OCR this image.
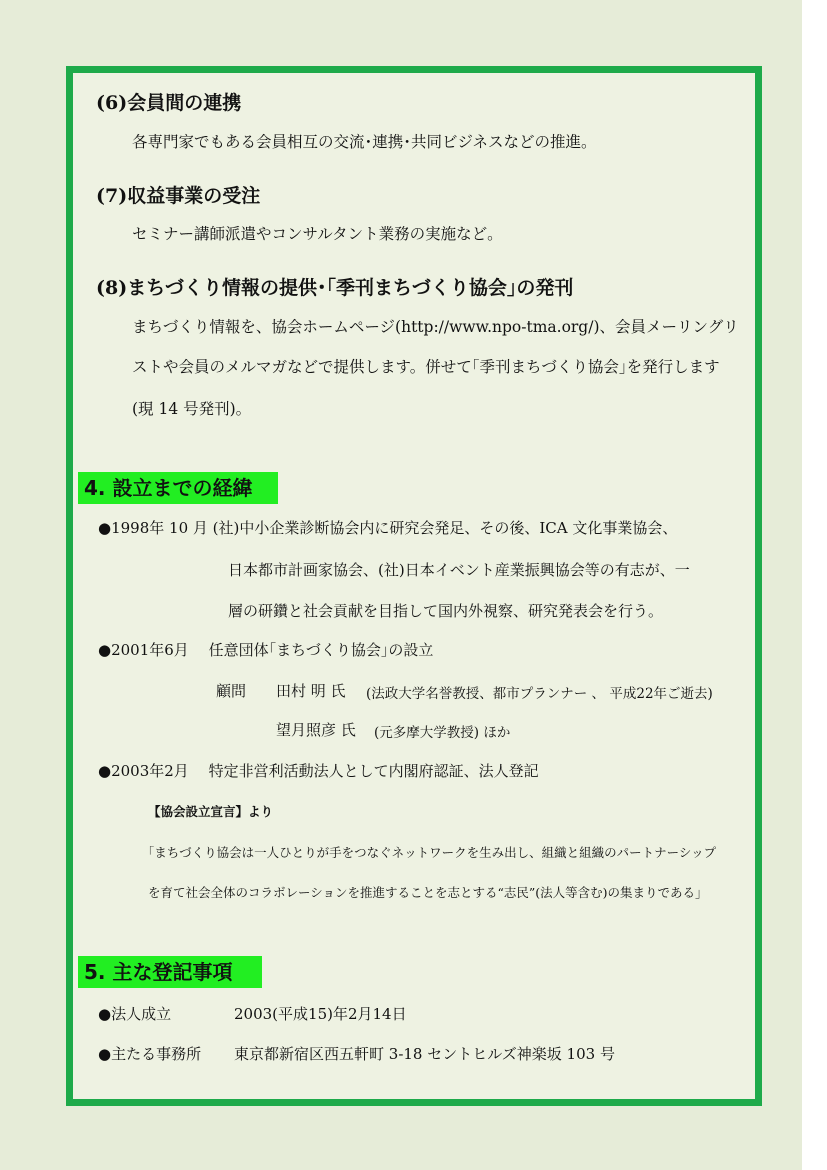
(6)会員間の連携
各専門家でもある会員相互の交流･連携･共同ビジネスなどの推進。
(7)収益事業の受注
セミナー講師派遣やコンサルタント業務の実施など。
(8)まちづくり情報の提供･｢季刊まちづくり協会｣の発刊
まちづくり情報を、協会ホームページ(http://www.npo-tma.org/)、会員メーリングリ
ストや会員のメルマガなどで提供します。併せて｢季刊まちづくり協会｣を発行します
(現 14 号発刊)。
4. 設立までの経緯
●1998年 10 月 (社)中小企業診断協会内に研究会発足、その後、ICA 文化事業協会、
日本都市計画家協会、(社)日本イベント産業振興協会等の有志が、一
層の研鑽と社会貢献を目指して国内外視察、研究発表会を行う。
●2001年6月　 任意団体｢まちづくり協会｣の設立
顧問 田村 明 氏 (法政大学名誉教授、都市プランナー 、 平成22年ご逝去)
望月照彦 氏 (元多摩大学教授) ほか
●2003年2月　 特定非営利活動法人として内閣府認証、法人登記
【協会設立宣言】より
｢まちづくり協会は一人ひとりが手をつなぐネットワークを生み出し、組織と組織のパートナーシップ
を育て社会全体のコラボレーションを推進することを志とする“志民”(法人等含む)の集まりである｣
5. 主な登記事項
●法人成立	2003(平成15)年2月14日
●主たる事務所 東京都新宿区西五軒町 3-18 セントヒルズ神楽坂 103 号
